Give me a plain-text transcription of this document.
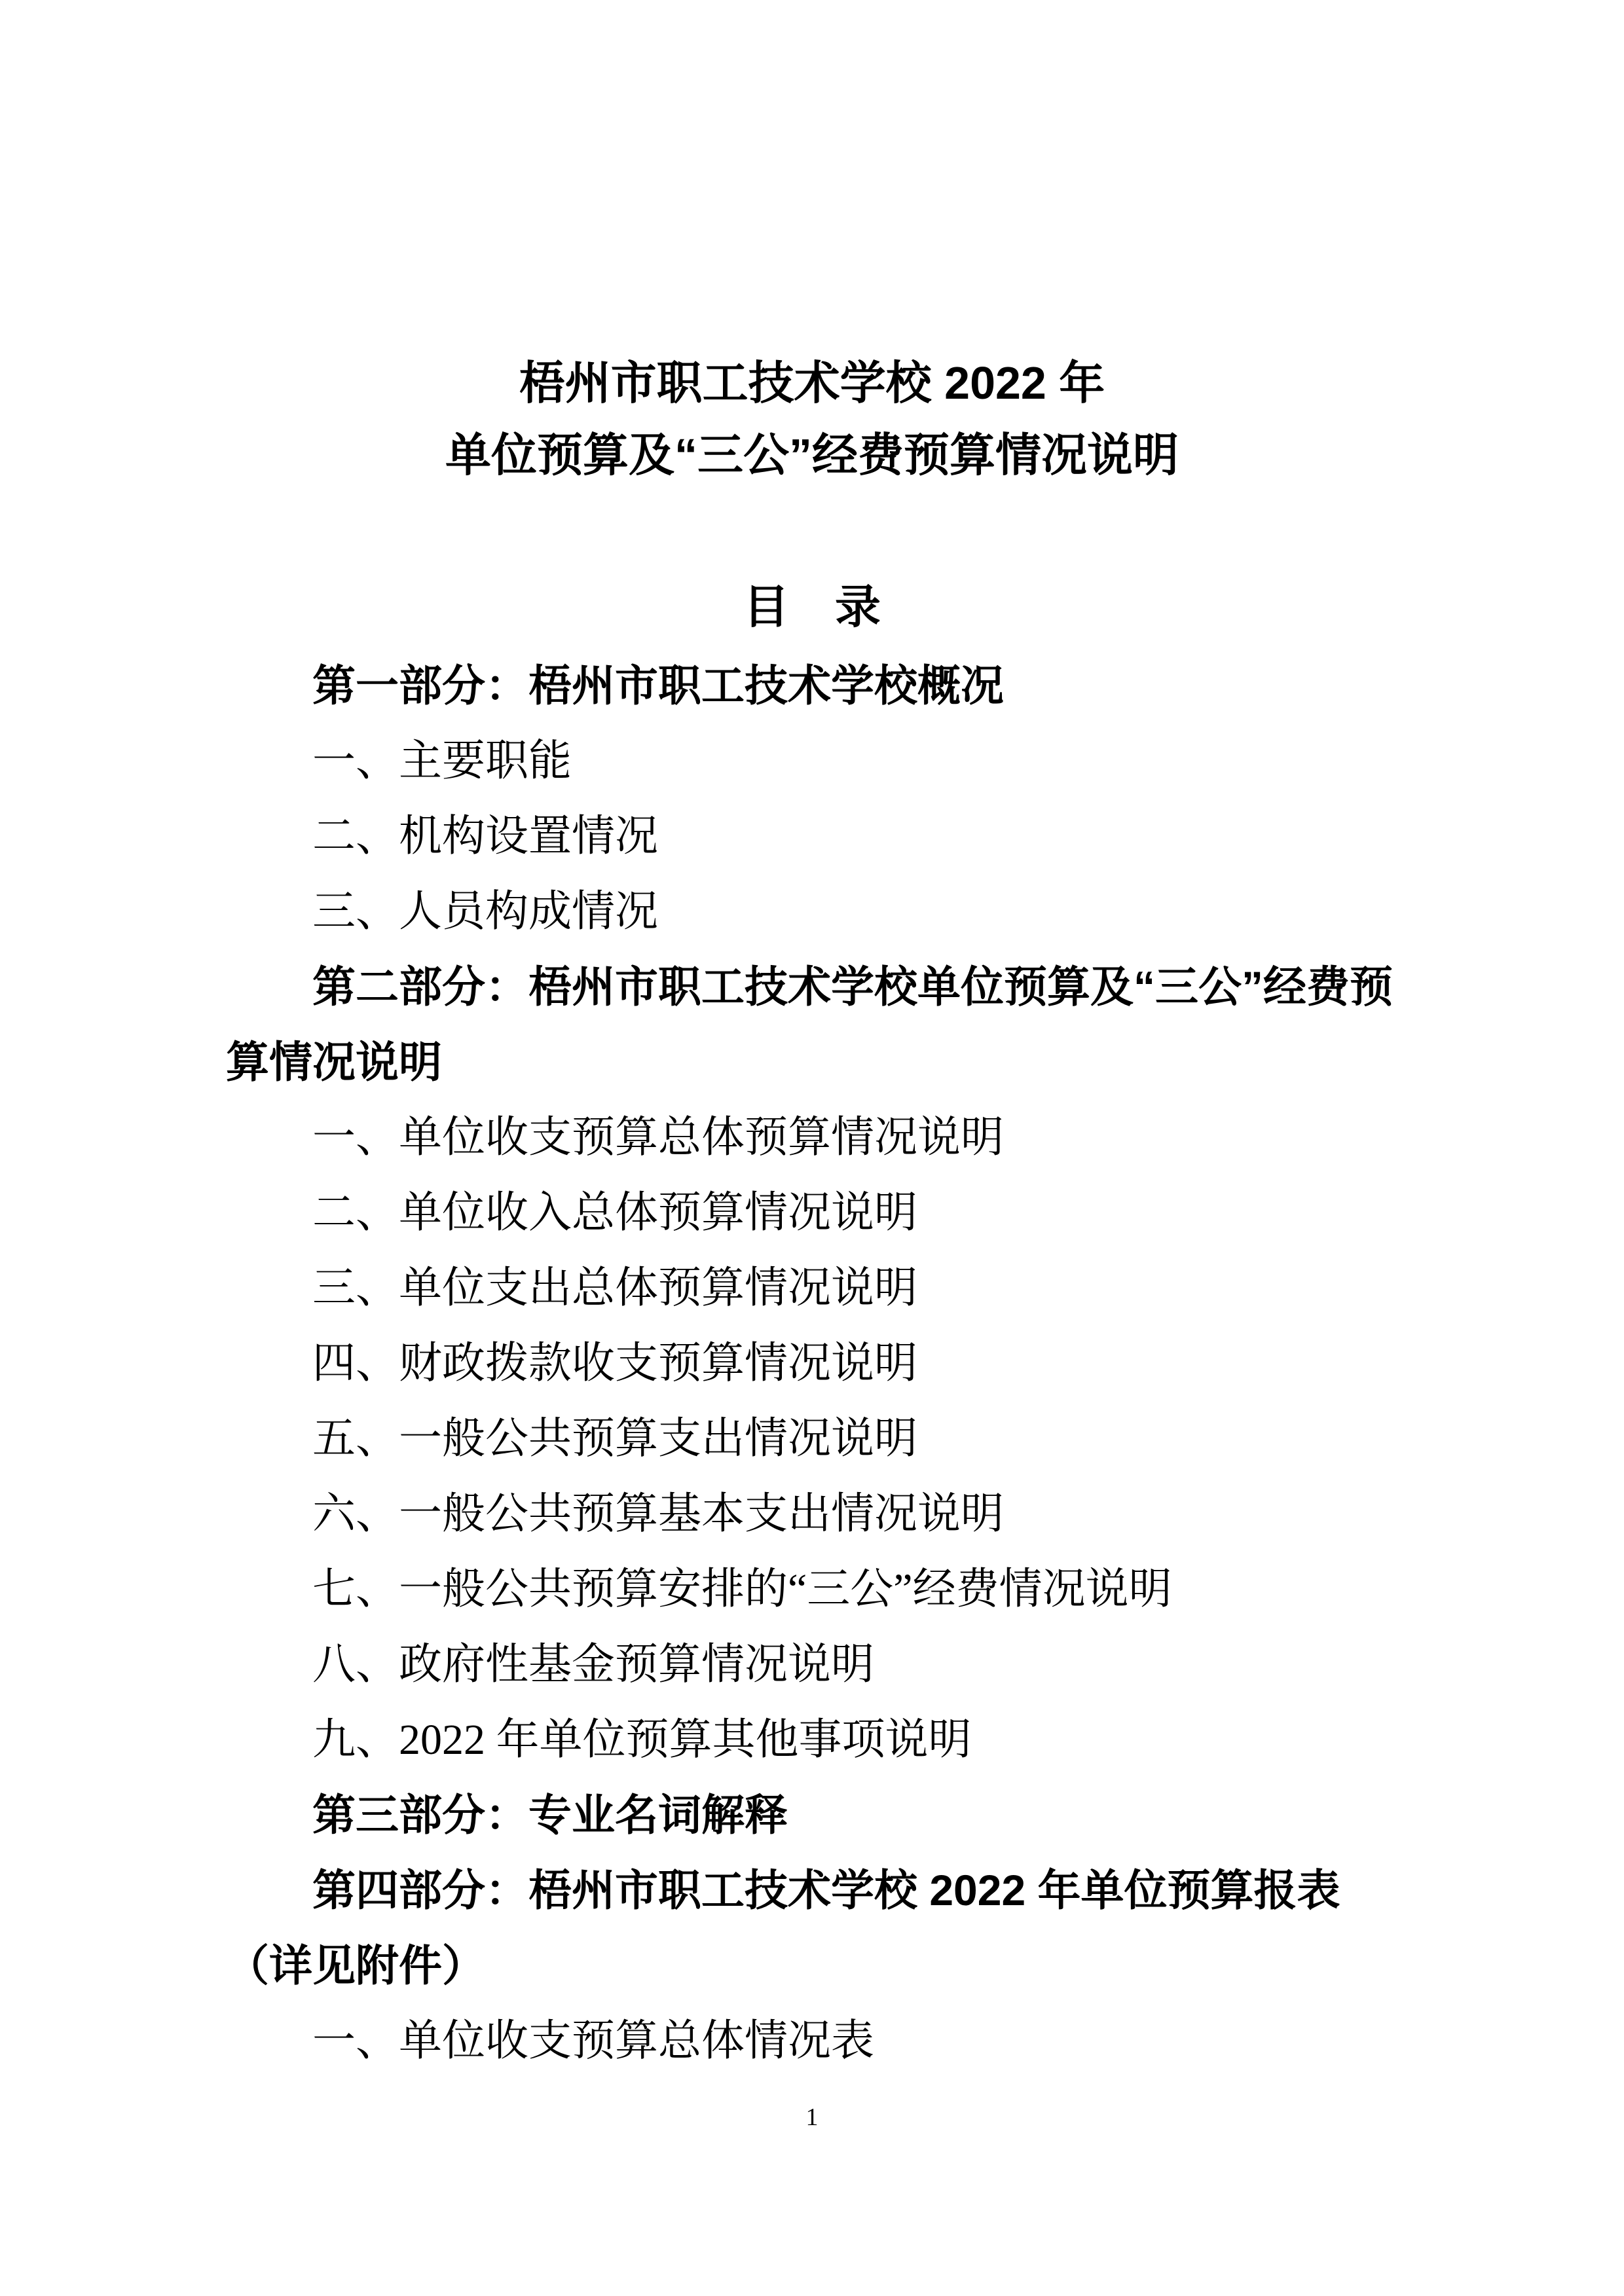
梧州市职工技术学校 2022 年
单位预算及“三公”经费预算情况说明
目　录
第一部分：梧州市职工技术学校概况
一、主要职能
二、机构设置情况
三、人员构成情况
第二部分：梧州市职工技术学校单位预算及“三公”经费预算情况说明
一、单位收支预算总体预算情况说明
二、单位收入总体预算情况说明
三、单位支出总体预算情况说明
四、财政拨款收支预算情况说明
五、一般公共预算支出情况说明
六、一般公共预算基本支出情况说明
七、一般公共预算安排的“三公”经费情况说明
八、政府性基金预算情况说明
九、2022 年单位预算其他事项说明
第三部分：专业名词解释
第四部分：梧州市职工技术学校 2022 年单位预算报表（详见附件）
一、单位收支预算总体情况表
1
